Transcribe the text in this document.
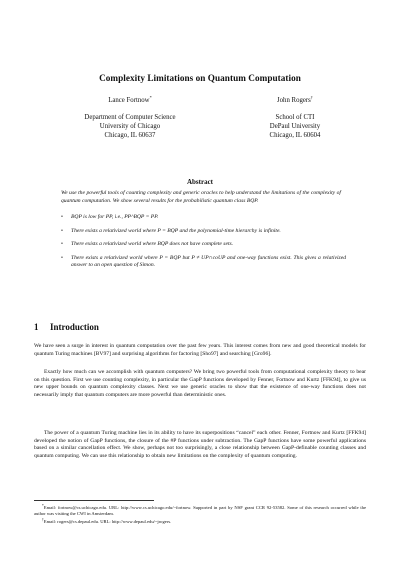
Complexity Limitations on Quantum Computation
Lance Fortnow*
Department of Computer Science
University of Chicago
Chicago, IL 60637
John Rogers†
School of CTI
DePaul University
Chicago, IL 60604
Abstract
We use the powerful tools of counting complexity and generic oracles to help understand the limitations of the complexity of quantum computation. We show several results for the probabilistic quantum class BQP.
• BQP is low for PP, i.e., PP^BQP = PP.
• There exists a relativized world where P = BQP and the polynomial-time hierarchy is infinite.
• There exists a relativized world where BQP does not have complete sets.
• There exists a relativized world where P = BQP but P ≠ UP∩coUP and one-way functions exist. This gives a relativized answer to an open question of Simon.
1 Introduction

We have seen a surge in interest in quantum computation over the past few years. This interest comes from new and good theoretical models for quantum Turing machines [BV97] and surprising algorithms for factoring [Sho97] and searching [Gro96].

Exactly how much can we accomplish with quantum computers? We bring two powerful tools from computational complexity theory to bear on this question. First we use counting complexity, in particular the GapP functions developed by Fenner, Fortnow and Kurtz [FFK94], to give us new upper bounds on quantum complexity classes. Next we use generic oracles to show that the existence of one-way functions does not necessarily imply that quantum computers are more powerful than deterministic ones.

The power of a quantum Turing machine lies in its ability to have its superpositions “cancel” each other. Fenner, Fortnow and Kurtz [FFK94] developed the notion of GapP functions, the closure of the #P functions under subtraction. The GapP functions have some powerful applications based on a similar cancellation effect. We show, perhaps not too surprisingly, a close relationship between GapP-definable counting classes and quantum computing. We can use this relationship to obtain new limitations on the complexity of quantum computing.

*Email: fortnow@cs.uchicago.edu. URL: http://www.cs.uchicago.edu/~fortnow. Supported in part by NSF grant CCR 92-53582. Some of this research occurred while the author was visiting the CWI in Amsterdam.

†Email: rogers@cs.depaul.edu. URL: http://www.depaul.edu/~jrogers.
